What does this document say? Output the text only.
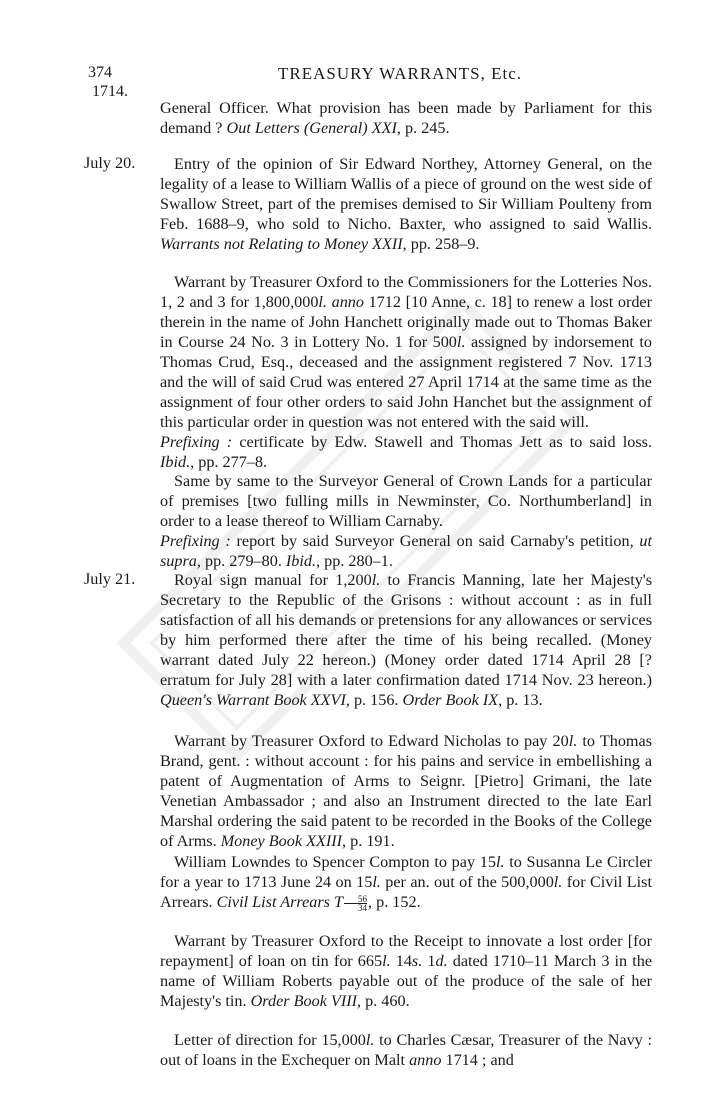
374
1714.
TREASURY WARRANTS, Etc.

General Officer. What provision has been made by Parliament for this demand ? Out Letters (General) XXI, p. 245.

July 20.	Entry of the opinion of Sir Edward Northey, Attorney General, on the legality of a lease to William Wallis of a piece of ground on the west side of Swallow Street, part of the premises demised to Sir William Poulteny from Feb. 1688–9, who sold to Nicho. Baxter, who assigned to said Wallis. Warrants not Relating to Money XXII, pp. 258–9.

Warrant by Treasurer Oxford to the Commissioners for the Lotteries Nos. 1, 2 and 3 for 1,800,000l. anno 1712 [10 Anne, c. 18] to renew a lost order therein in the name of John Hanchett originally made out to Thomas Baker in Course 24 No. 3 in Lottery No. 1 for 500l. assigned by indorsement to Thomas Crud, Esq., deceased and the assignment registered 7 Nov. 1713 and the will of said Crud was entered 27 April 1714 at the same time as the assignment of four other orders to said John Hanchet but the assignment of this particular order in question was not entered with the said will.
Prefixing : certificate by Edw. Stawell and Thomas Jett as to said loss. Ibid., pp. 277–8.

Same by same to the Surveyor General of Crown Lands for a particular of premises [two fulling mills in Newminster, Co. Northumberland] in order to a lease thereof to William Carnaby.
Prefixing : report by said Surveyor General on said Carnaby's petition, ut supra, pp. 279–80. Ibid., pp. 280–1.

July 21.	Royal sign manual for 1,200l. to Francis Manning, late her Majesty's Secretary to the Republic of the Grisons : without account : as in full satisfaction of all his demands or pretensions for any allowances or services by him performed there after the time of his being recalled. (Money warrant dated July 22 hereon.) (Money order dated 1714 April 28 [? erratum for July 28] with a later confirmation dated 1714 Nov. 23 hereon.) Queen's Warrant Book XXVI, p. 156. Order Book IX, p. 13.

Warrant by Treasurer Oxford to Edward Nicholas to pay 20l. to Thomas Brand, gent. : without account : for his pains and service in embellishing a patent of Augmentation of Arms to Seignr. [Pietro] Grimani, the late Venetian Ambassador ; and also an Instrument directed to the late Earl Marshal ordering the said patent to be recorded in the Books of the College of Arms. Money Book XXIII, p. 191.

William Lowndes to Spencer Compton to pay 15l. to Susanna Le Circler for a year to 1713 June 24 on 15l. per an. out of the 500,000l. for Civil List Arrears. Civil List Arrears T $\frac{56}{34}$ , p. 152.

Warrant by Treasurer Oxford to the Receipt to innovate a lost order [for repayment] of loan on tin for 665l. 14s. 1d. dated 1710–11 March 3 in the name of William Roberts payable out of the produce of the sale of her Majesty's tin. Order Book VIII, p. 460.

Letter of direction for 15,000l. to Charles Cæsar, Treasurer of the Navy : out of loans in the Exchequer on Malt anno 1714 ; and
